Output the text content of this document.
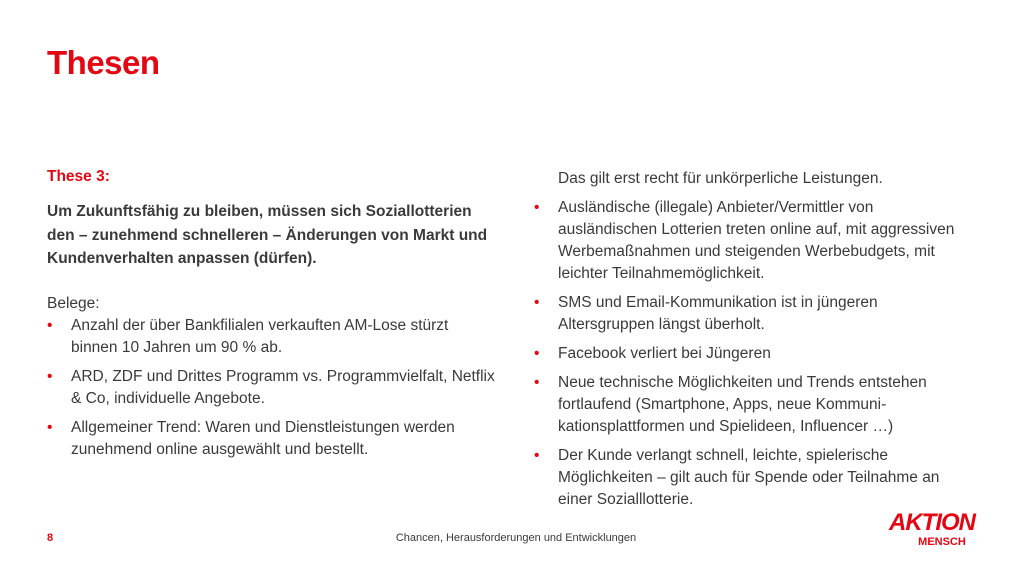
Thesen

These 3:

Um Zukunftsfähig zu bleiben, müssen sich Soziallotterien den – zunehmend schnelleren – Änderungen von Markt und Kundenverhalten anpassen (dürfen).

Belege:

• Anzahl der über Bankfilialen verkauften AM-Lose stürzt binnen 10 Jahren um 90 % ab.
• ARD, ZDF und Drittes Programm vs. Programmvielfalt, Netflix & Co, individuelle Angebote.
• Allgemeiner Trend: Waren und Dienstleistungen werden zunehmend online ausgewählt und bestellt.

Das gilt erst recht für unkörperliche Leistungen.

• Ausländische (illegale) Anbieter/Vermittler von ausländischen Lotterien treten online auf, mit aggressiven Werbemaßnahmen und steigenden Werbebudgets, mit leichter Teilnahmemöglichkeit.
• SMS und Email-Kommunikation ist in jüngeren Altersgruppen längst überholt.
• Facebook verliert bei Jüngeren
• Neue technische Möglichkeiten und Trends entstehen fortlaufend (Smartphone, Apps, neue Kommuni-kationsplattformen und Spielideen, Influencer …)
• Der Kunde verlangt schnell, leichte, spielerische Möglichkeiten – gilt auch für Spende oder Teilnahme an einer Sozialllotterie.
8	Chancen, Herausforderungen und Entwicklungen
AKTION
MENSCH
